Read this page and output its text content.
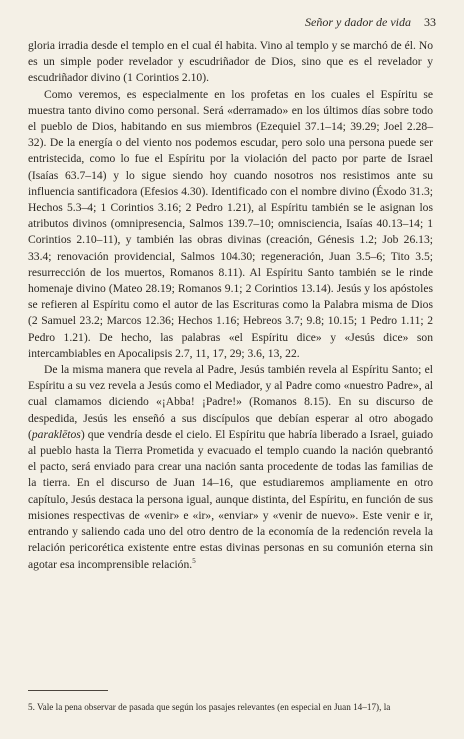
Señor y dador de vida 33

gloria irradia desde el templo en el cual él habita. Vino al templo y se marchó de él. No es un simple poder revelador y escudriñador de Dios, sino que es el revelador y escudriñador divino (1 Corintios 2.10).

Como veremos, es especialmente en los profetas en los cuales el Espíritu se muestra tanto divino como personal. Será «derramado» en los últimos días sobre todo el pueblo de Dios, habitando en sus miembros (Ezequiel 37.1–14; 39.29; Joel 2.28–32). De la energía o del viento nos podemos escudar, pero solo una persona puede ser entristecida, como lo fue el Espíritu por la violación del pacto por parte de Israel (Isaías 63.7–14) y lo sigue siendo hoy cuando nosotros nos resistimos ante su influencia santificadora (Efesios 4.30). Identificado con el nombre divino (Éxodo 31.3; Hechos 5.3–4; 1 Corintios 3.16; 2 Pedro 1.21), al Espíritu también se le asignan los atributos divinos (omnipresencia, Salmos 139.7–10; omnisciencia, Isaías 40.13–14; 1 Corintios 2.10–11), y también las obras divinas (creación, Génesis 1.2; Job 26.13; 33.4; renovación providencial, Salmos 104.30; regeneración, Juan 3.5–6; Tito 3.5; resurrección de los muertos, Romanos 8.11). Al Espíritu Santo también se le rinde homenaje divino (Mateo 28.19; Romanos 9.1; 2 Corintios 13.14). Jesús y los apóstoles se refieren al Espíritu como el autor de las Escrituras como la Palabra misma de Dios (2 Samuel 23.2; Marcos 12.36; Hechos 1.16; Hebreos 3.7; 9.8; 10.15; 1 Pedro 1.11; 2 Pedro 1.21). De hecho, las palabras «el Espíritu dice» y «Jesús dice» son intercambiables en Apocalipsis 2.7, 11, 17, 29; 3.6, 13, 22.

De la misma manera que revela al Padre, Jesús también revela al Espíritu Santo; el Espíritu a su vez revela a Jesús como el Mediador, y al Padre como «nuestro Padre», al cual clamamos diciendo «¡Abba! ¡Padre!» (Romanos 8.15). En su discurso de despedida, Jesús les enseñó a sus discípulos que debían esperar al otro abogado (paraklētos) que vendría desde el cielo. El Espíritu que habría liberado a Israel, guiado al pueblo hasta la Tierra Prometida y evacuado el templo cuando la nación quebrantó el pacto, será enviado para crear una nación santa procedente de todas las familias de la tierra. En el discurso de Juan 14–16, que estudiaremos ampliamente en otro capítulo, Jesús destaca la persona igual, aunque distinta, del Espíritu, en función de sus misiones respectivas de «venir» e «ir», «enviar» y «venir de nuevo». Este venir e ir, entrando y saliendo cada uno del otro dentro de la economía de la redención revela la relación pericorética existente entre estas divinas personas en su comunión eterna sin agotar esa incomprensible relación.$^5$

5. Vale la pena observar de pasada que según los pasajes relevantes (en especial en Juan 14–17), la
